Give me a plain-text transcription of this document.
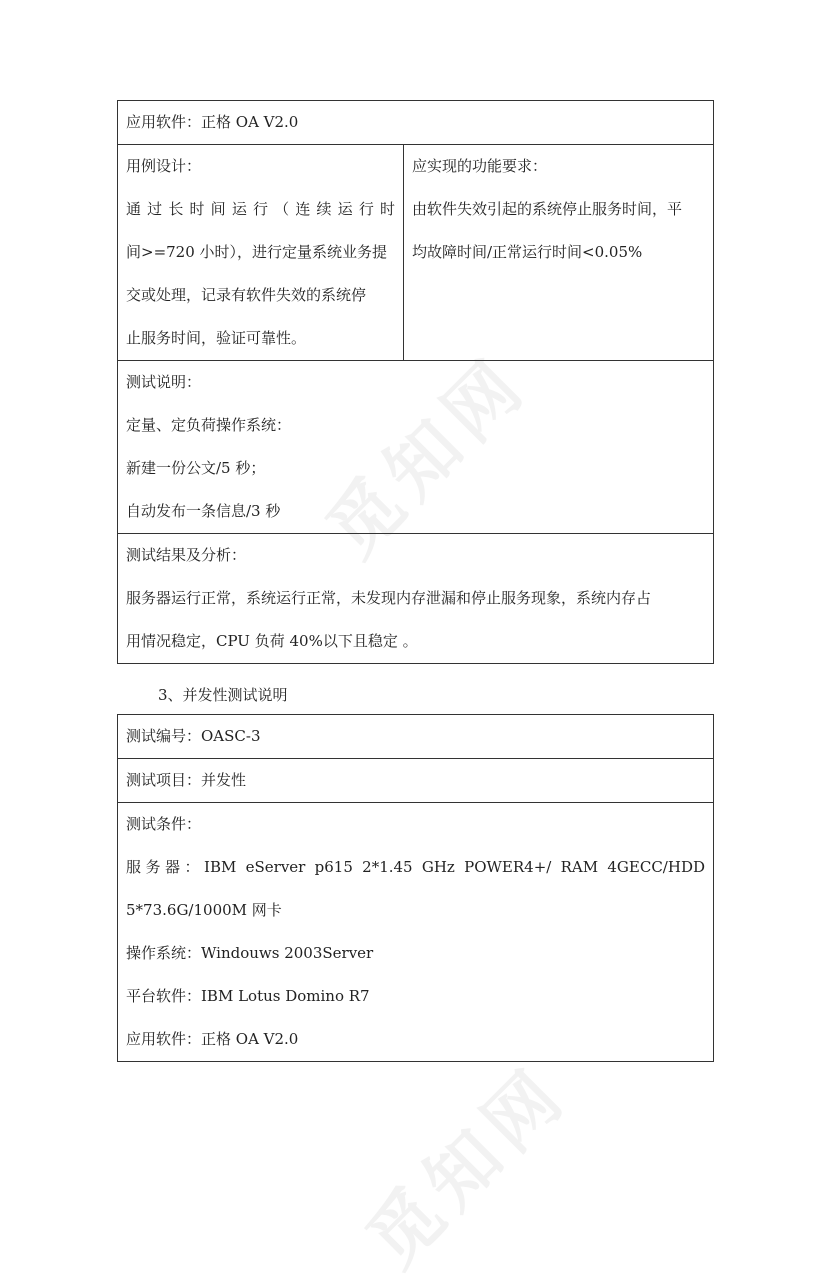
觅知网
觅知网
应用软件：正格 OA V2.0

用例设计：
通过长时间运行（连续运行时
间>=720 小时），进行定量系统业务提
交或处理，记录有软件失效的系统停
止服务时间，验证可靠性。

应实现的功能要求：
由软件失效引起的系统停止服务时间，平
均故障时间/正常运行时间<0.05%

测试说明：
定量、定负荷操作系统：
新建一份公文/5 秒；
自动发布一条信息/3 秒

测试结果及分析：
服务器运行正常，系统运行正常，未发现内存泄漏和停止服务现象，系统内存占
用情况稳定，CPU 负荷 40%以下且稳定 。
3、并发性测试说明
测试编号：OASC-3

测试项目：并发性

测试条件：
服务器：IBM eServer p615 2*1.45 GHz POWER4+/ RAM 4GECC/HDD
5*73.6G/1000M 网卡
操作系统：Windouws 2003Server
平台软件：IBM Lotus Domino R7
应用软件：正格 OA V2.0
